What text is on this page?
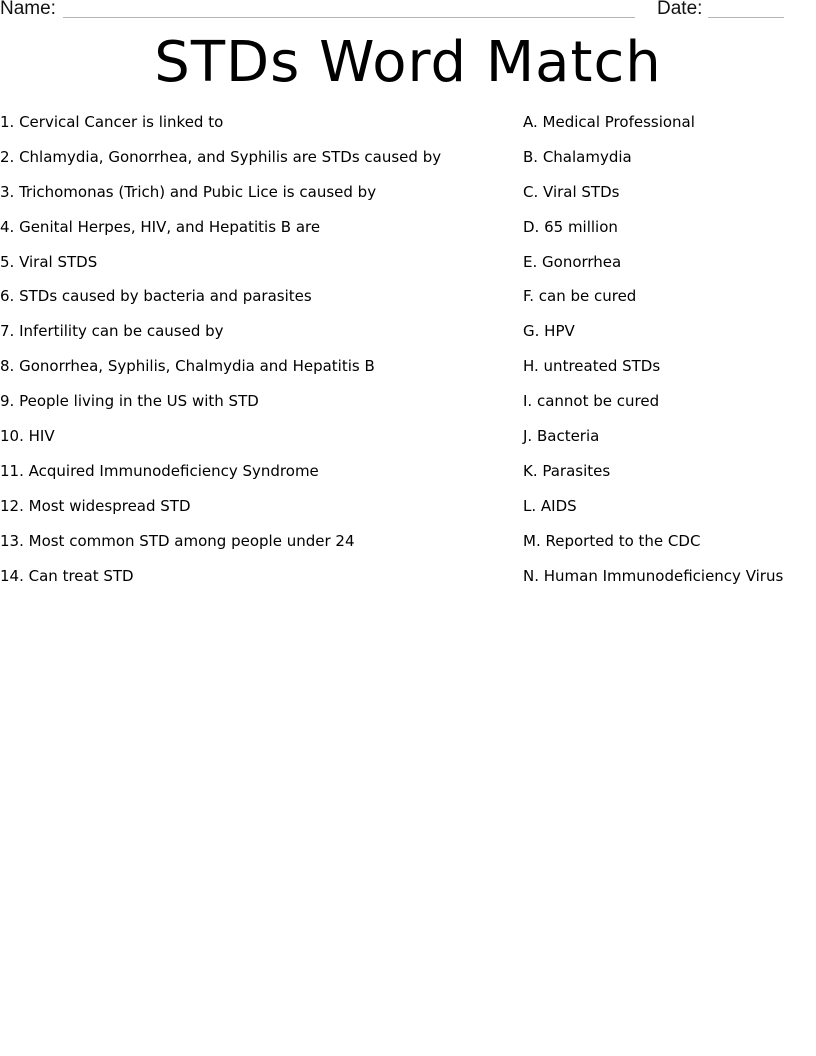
Name:	Date:
STDs Word Match
1. Cervical Cancer is linked to
2. Chlamydia, Gonorrhea, and Syphilis are STDs caused by
3. Trichomonas (Trich) and Pubic Lice is caused by
4. Genital Herpes, HIV, and Hepatitis B are
5. Viral STDS
6. STDs caused by bacteria and parasites
7. Infertility can be caused by
8. Gonorrhea, Syphilis, Chalmydia and Hepatitis B
9. People living in the US with STD
10. HIV
11. Acquired Immunodeficiency Syndrome
12. Most widespread STD
13. Most common STD among people under 24
14. Can treat STD
A. Medical Professional
B. Chalamydia
C. Viral STDs
D. 65 million
E. Gonorrhea
F. can be cured
G. HPV
H. untreated STDs
I. cannot be cured
J. Bacteria
K. Parasites
L. AIDS
M. Reported to the CDC
N. Human Immunodeficiency Virus
